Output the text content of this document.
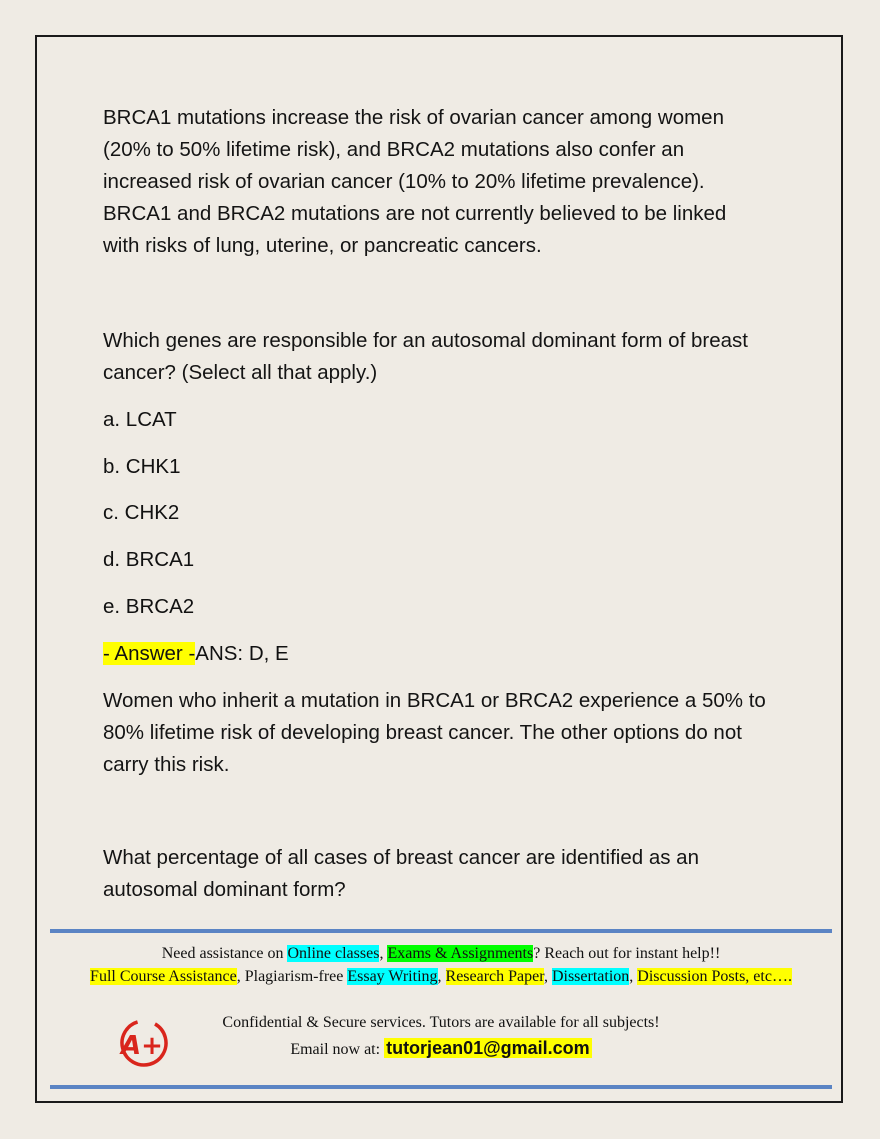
BRCA1 mutations increase the risk of ovarian cancer among women
(20% to 50% lifetime risk), and BRCA2 mutations also confer an
increased risk of ovarian cancer (10% to 20% lifetime prevalence).
BRCA1 and BRCA2 mutations are not currently believed to be linked
with risks of lung, uterine, or pancreatic cancers.

Which genes are responsible for an autosomal dominant form of breast
cancer? (Select all that apply.)

a. LCAT

b. CHK1

c. CHK2

d. BRCA1

e. BRCA2

- Answer -ANS: D, E

Women who inherit a mutation in BRCA1 or BRCA2 experience a 50% to
80% lifetime risk of developing breast cancer. The other options do not
carry this risk.

What percentage of all cases of breast cancer are identified as an
autosomal dominant form?

Need assistance on Online classes, Exams & Assignments? Reach out for instant help!!
Full Course Assistance, Plagiarism-free Essay Writing, Research Paper, Dissertation, Discussion Posts, etc….
A+
Confidential & Secure services. Tutors are available for all subjects!
Email now at: tutorjean01@gmail.com
